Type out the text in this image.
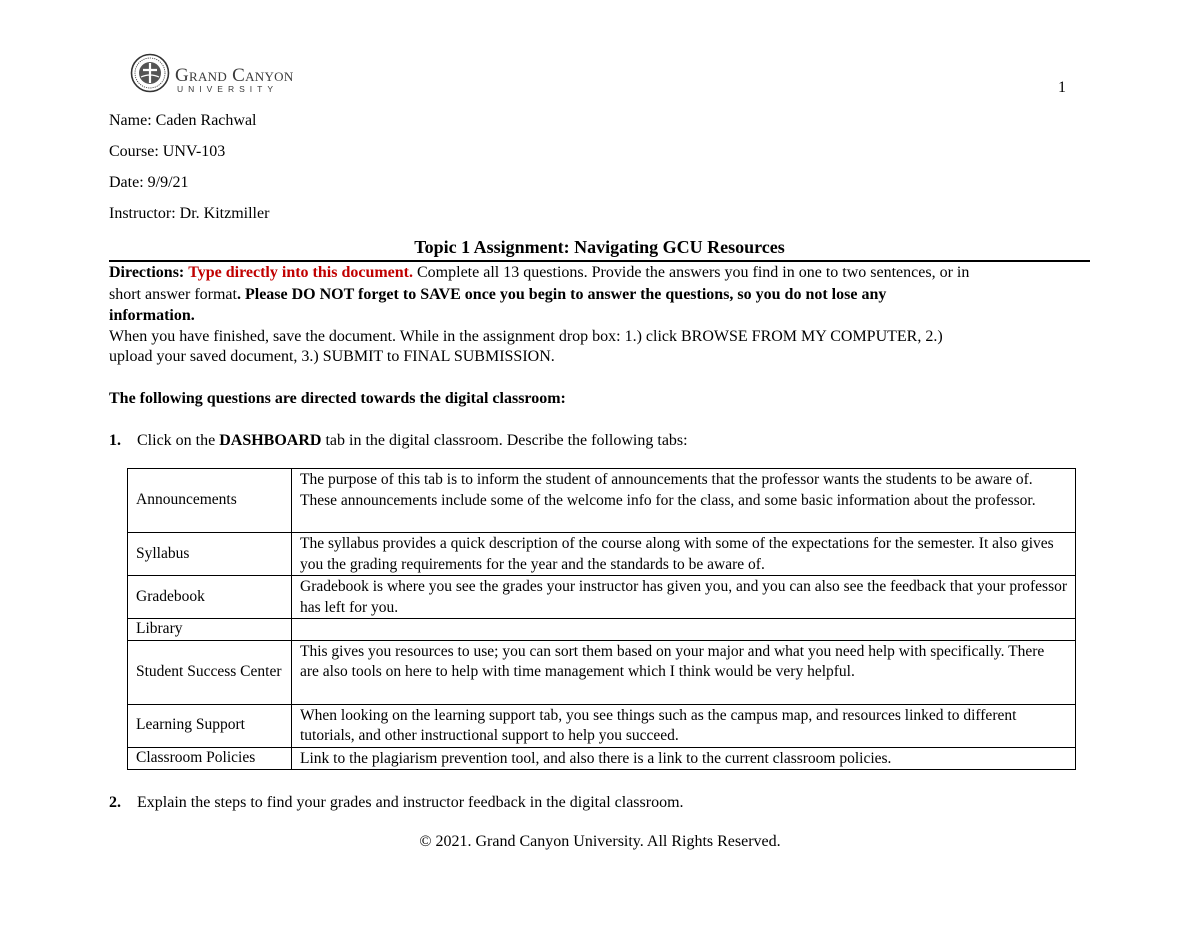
Grand Canyon
UNIVERSITY	1
Name: Caden Rachwal
Course: UNV-103
Date: 9/9/21
Instructor: Dr. Kitzmiller
Topic 1 Assignment: Navigating GCU Resources
Directions: Type directly into this document. Complete all 13 questions. Provide the answers you find in one to two sentences, or in
short answer format. Please DO NOT forget to SAVE once you begin to answer the questions, so you do not lose any
information.
When you have finished, save the document. While in the assignment drop box: 1.) click BROWSE FROM MY COMPUTER, 2.)
upload your saved document, 3.) SUBMIT to FINAL SUBMISSION.
The following questions are directed towards the digital classroom:
1. Click on the DASHBOARD tab in the digital classroom. Describe the following tabs:
Announcements	The purpose of this tab is to inform the student of announcements that the professor wants the students to be aware of. These announcements include some of the welcome info for the class, and some basic information about the professor.
Syllabus	The syllabus provides a quick description of the course along with some of the expectations for the semester. It also gives you the grading requirements for the year and the standards to be aware of.
Gradebook	Gradebook is where you see the grades your instructor has given you, and you can also see the feedback that your professor has left for you.
Library	
Student Success Center	This gives you resources to use; you can sort them based on your major and what you need help with specifically. There are also tools on here to help with time management which I think would be very helpful.
Learning Support	When looking on the learning support tab, you see things such as the campus map, and resources linked to different tutorials, and other instructional support to help you succeed.
Classroom Policies	Link to the plagiarism prevention tool, and also there is a link to the current classroom policies.
2. Explain the steps to find your grades and instructor feedback in the digital classroom.
© 2021. Grand Canyon University. All Rights Reserved.
